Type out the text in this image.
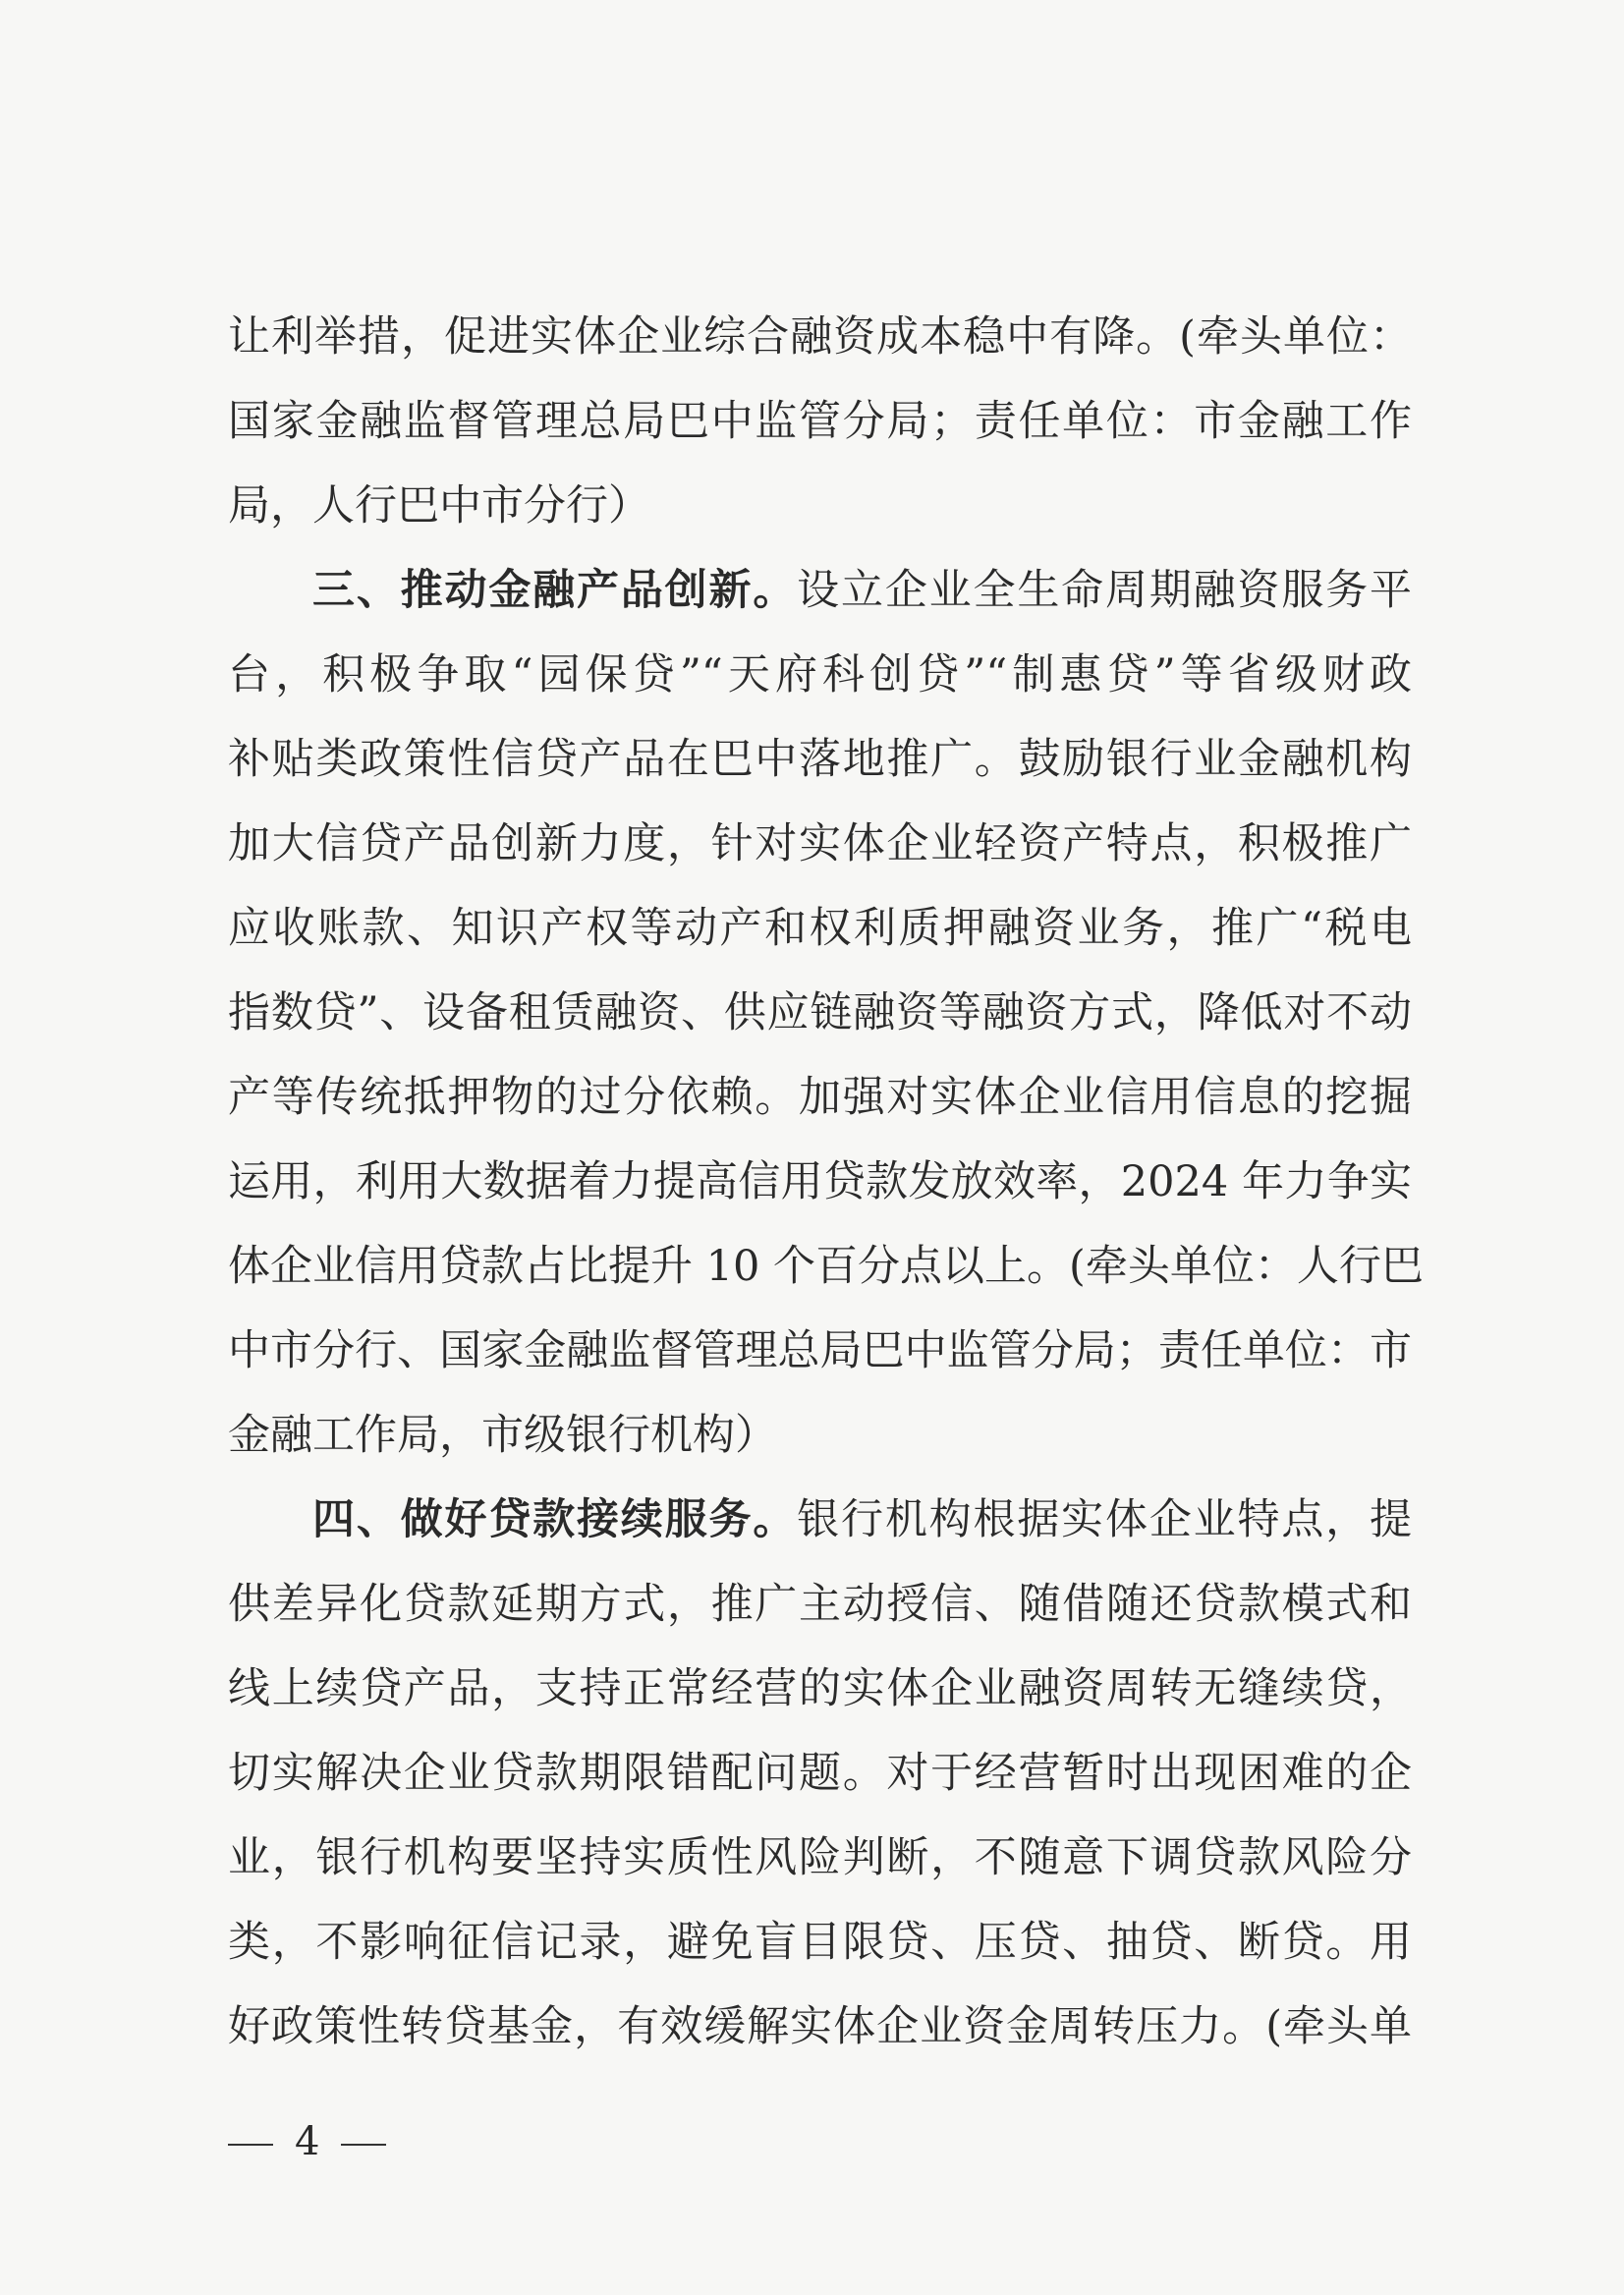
让利举措，促进实体企业综合融资成本稳中有降。(牵头单位：
国家金融监督管理总局巴中监管分局；责任单位：市金融工作
局，人行巴中市分行）
三、推动金融产品创新。设立企业全生命周期融资服务平
台，积极争取“园保贷”“天府科创贷”“制惠贷”等省级财政
补贴类政策性信贷产品在巴中落地推广。鼓励银行业金融机构
加大信贷产品创新力度，针对实体企业轻资产特点，积极推广
应收账款、知识产权等动产和权利质押融资业务，推广“税电
指数贷”、设备租赁融资、供应链融资等融资方式，降低对不动
产等传统抵押物的过分依赖。加强对实体企业信用信息的挖掘
运用，利用大数据着力提高信用贷款发放效率，2024 年力争实
体企业信用贷款占比提升 10 个百分点以上。(牵头单位：人行巴
中市分行、国家金融监督管理总局巴中监管分局；责任单位：市
金融工作局，市级银行机构）
四、做好贷款接续服务。银行机构根据实体企业特点，提
供差异化贷款延期方式，推广主动授信、随借随还贷款模式和
线上续贷产品，支持正常经营的实体企业融资周转无缝续贷，
切实解决企业贷款期限错配问题。对于经营暂时出现困难的企
业，银行机构要坚持实质性风险判断，不随意下调贷款风险分
类，不影响征信记录，避免盲目限贷、压贷、抽贷、断贷。用
好政策性转贷基金，有效缓解实体企业资金周转压力。(牵头单
4
